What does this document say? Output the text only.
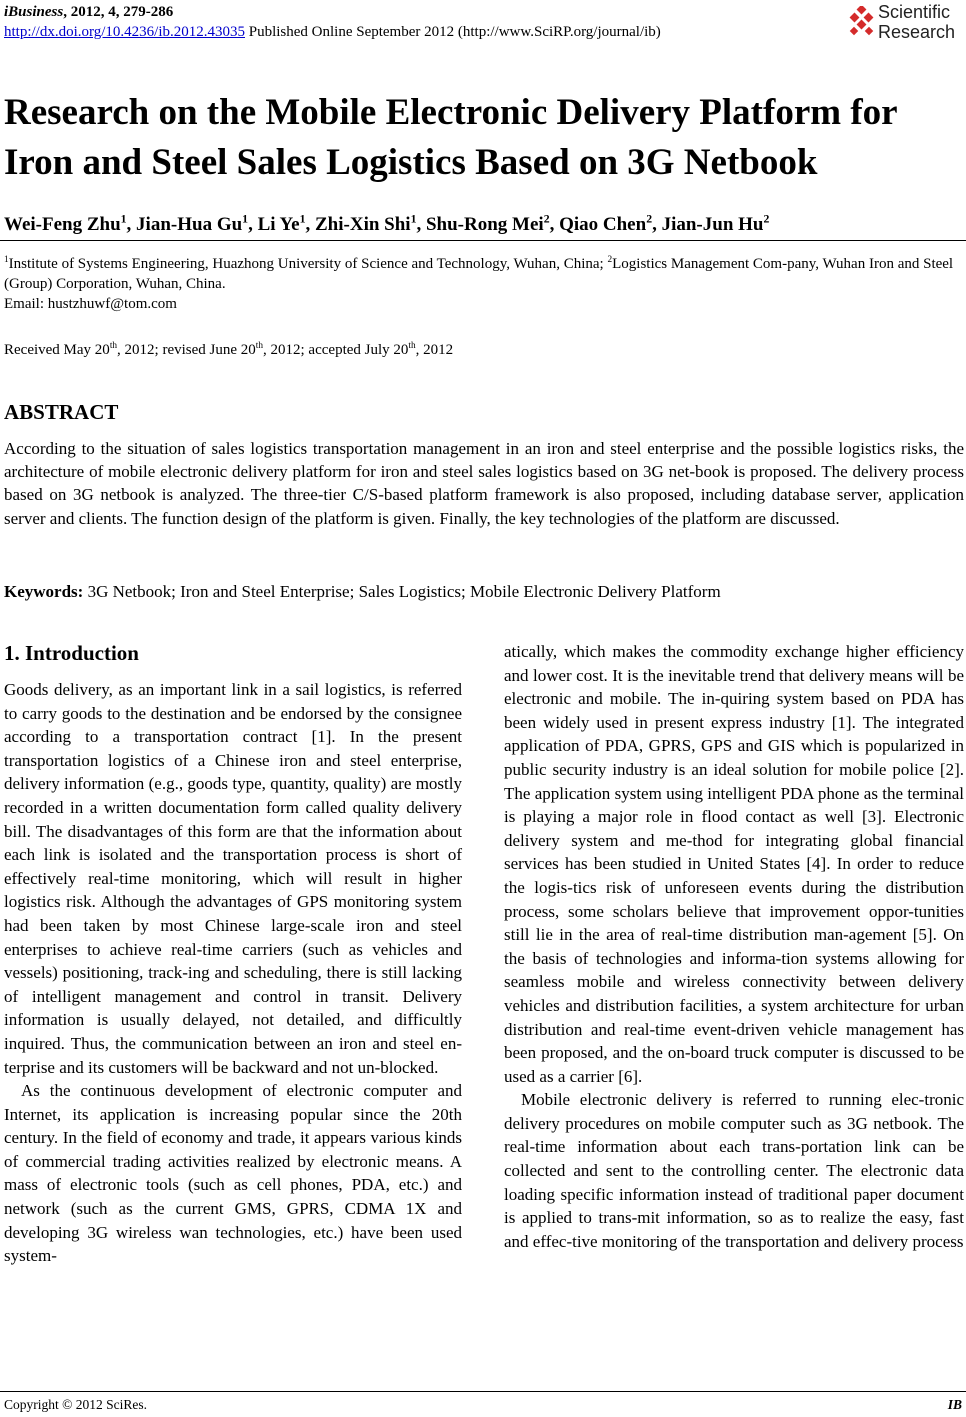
iBusiness, 2012, 4, 279-286
http://dx.doi.org/10.4236/ib.2012.43035 Published Online September 2012 (http://www.SciRP.org/journal/ib)
Scientific
Research
Research on the Mobile Electronic Delivery Platform for Iron and Steel Sales Logistics Based on 3G Netbook
Wei-Feng Zhu$^1$, Jian-Hua Gu$^1$, Li Ye$^1$, Zhi-Xin Shi$^1$, Shu-Rong Mei$^2$, Qiao Chen$^2$, Jian-Jun Hu$^2$
$^1$Institute of Systems Engineering, Huazhong University of Science and Technology, Wuhan, China; $^2$Logistics Management Com-pany, Wuhan Iron and Steel (Group) Corporation, Wuhan, China.
Email: hustzhuwf@tom.com
Received May 20th, 2012; revised June 20th, 2012; accepted July 20th, 2012
ABSTRACT
According to the situation of sales logistics transportation management in an iron and steel enterprise and the possible logistics risks, the architecture of mobile electronic delivery platform for iron and steel sales logistics based on 3G net-book is proposed. The delivery process based on 3G netbook is analyzed. The three-tier C/S-based platform framework is also proposed, including database server, application server and clients. The function design of the platform is given. Finally, the key technologies of the platform are discussed.
Keywords: 3G Netbook; Iron and Steel Enterprise; Sales Logistics; Mobile Electronic Delivery Platform
1. Introduction

Goods delivery, as an important link in a sail logistics, is referred to carry goods to the destination and be endorsed by the consignee according to a transportation contract [1]. In the present transportation logistics of a Chinese iron and steel enterprise, delivery information (e.g., goods type, quantity, quality) are mostly recorded in a written documentation form called quality delivery bill. The disadvantages of this form are that the information about each link is isolated and the transportation process is short of effectively real-time monitoring, which will result in higher logistics risk. Although the advantages of GPS monitoring system had been taken by most Chinese large-scale iron and steel enterprises to achieve real-time carriers (such as vehicles and vessels) positioning, track-ing and scheduling, there is still lacking of intelligent management and control in transit. Delivery information is usually delayed, not detailed, and difficultly inquired. Thus, the communication between an iron and steel en-terprise and its customers will be backward and not un-blocked.

As the continuous development of electronic computer and Internet, its application is increasing popular since the 20th century. In the field of economy and trade, it appears various kinds of commercial trading activities realized by electronic means. A mass of electronic tools (such as cell phones, PDA, etc.) and network (such as the current GMS, GPRS, CDMA 1X and developing 3G wireless wan technologies, etc.) have been used system-

atically, which makes the commodity exchange higher efficiency and lower cost. It is the inevitable trend that delivery means will be electronic and mobile. The in-quiring system based on PDA has been widely used in present express industry [1]. The integrated application of PDA, GPRS, GPS and GIS which is popularized in public security industry is an ideal solution for mobile police [2]. The application system using intelligent PDA phone as the terminal is playing a major role in flood contact as well [3]. Electronic delivery system and me-thod for integrating global financial services has been studied in United States [4]. In order to reduce the logis-tics risk of unforeseen events during the distribution process, some scholars believe that improvement oppor-tunities still lie in the area of real-time distribution man-agement [5]. On the basis of technologies and informa-tion systems allowing for seamless mobile and wireless connectivity between delivery vehicles and distribution facilities, a system architecture for urban distribution and real-time event-driven vehicle management has been proposed, and the on-board truck computer is discussed to be used as a carrier [6].

Mobile electronic delivery is referred to running elec-tronic delivery procedures on mobile computer such as 3G netbook. The real-time information about each trans-portation link can be collected and sent to the controlling center. The electronic data loading specific information instead of traditional paper document is applied to trans-mit information, so as to realize the easy, fast and effec-tive monitoring of the transportation and delivery process

Copyright © 2012 SciRes.	IB
